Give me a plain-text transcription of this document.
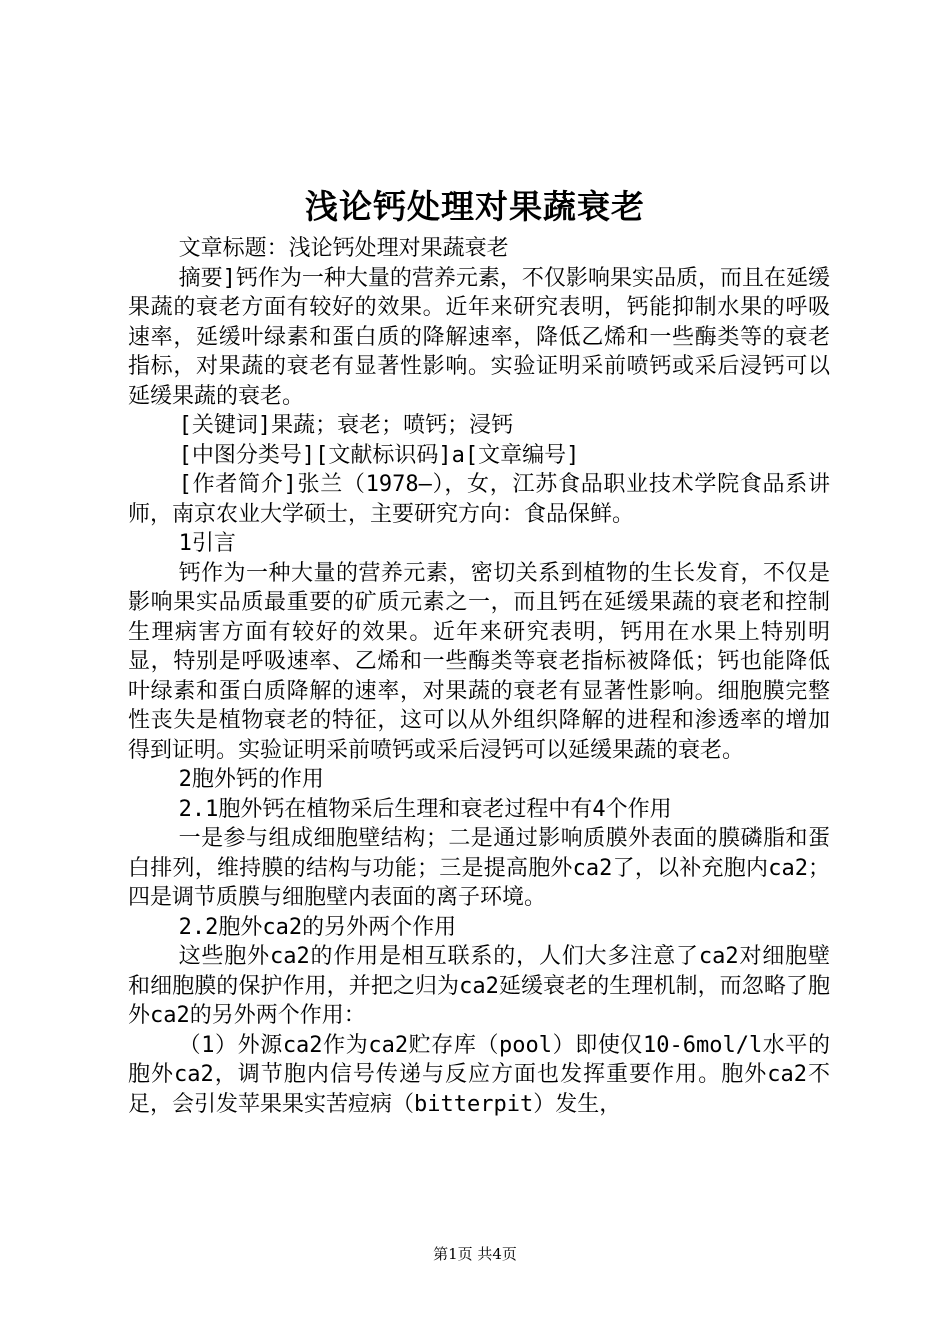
浅论钙处理对果蔬衰老

文章标题：浅论钙处理对果蔬衰老

摘要]钙作为一种大量的营养元素，不仅影响果实品质，而且在延缓果蔬的衰老方面有较好的效果。近年来研究表明，钙能抑制水果的呼吸速率，延缓叶绿素和蛋白质的降解速率，降低乙烯和一些酶类等的衰老指标，对果蔬的衰老有显著性影响。实验证明采前喷钙或采后浸钙可以延缓果蔬的衰老。

[关键词]果蔬；衰老；喷钙；浸钙

[中图分类号][文献标识码]a[文章编号]

[作者简介]张兰（1978—），女，江苏食品职业技术学院食品系讲师，南京农业大学硕士，主要研究方向：食品保鲜。

1引言

钙作为一种大量的营养元素，密切关系到植物的生长发育，不仅是影响果实品质最重要的矿质元素之一，而且钙在延缓果蔬的衰老和控制生理病害方面有较好的效果。近年来研究表明，钙用在水果上特别明显，特别是呼吸速率、乙烯和一些酶类等衰老指标被降低；钙也能降低叶绿素和蛋白质降解的速率，对果蔬的衰老有显著性影响。细胞膜完整性丧失是植物衰老的特征，这可以从外组织降解的进程和渗透率的增加得到证明。实验证明采前喷钙或采后浸钙可以延缓果蔬的衰老。

2胞外钙的作用

2.1胞外钙在植物采后生理和衰老过程中有4个作用

一是参与组成细胞壁结构；二是通过影响质膜外表面的膜磷脂和蛋白排列，维持膜的结构与功能；三是提高胞外ca2了，以补充胞内ca2；四是调节质膜与细胞壁内表面的离子环境。

2.2胞外ca2的另外两个作用

这些胞外ca2的作用是相互联系的，人们大多注意了ca2对细胞壁和细胞膜的保护作用，并把之归为ca2延缓衰老的生理机制，而忽略了胞外ca2的另外两个作用：

（1）外源ca2作为ca2贮存库（pool）即使仅10-6mol/l水平的胞外ca2，调节胞内信号传递与反应方面也发挥重要作用。胞外ca2不足，会引发苹果果实苦痘病（bitterpit）发生，

第1页 共4页
